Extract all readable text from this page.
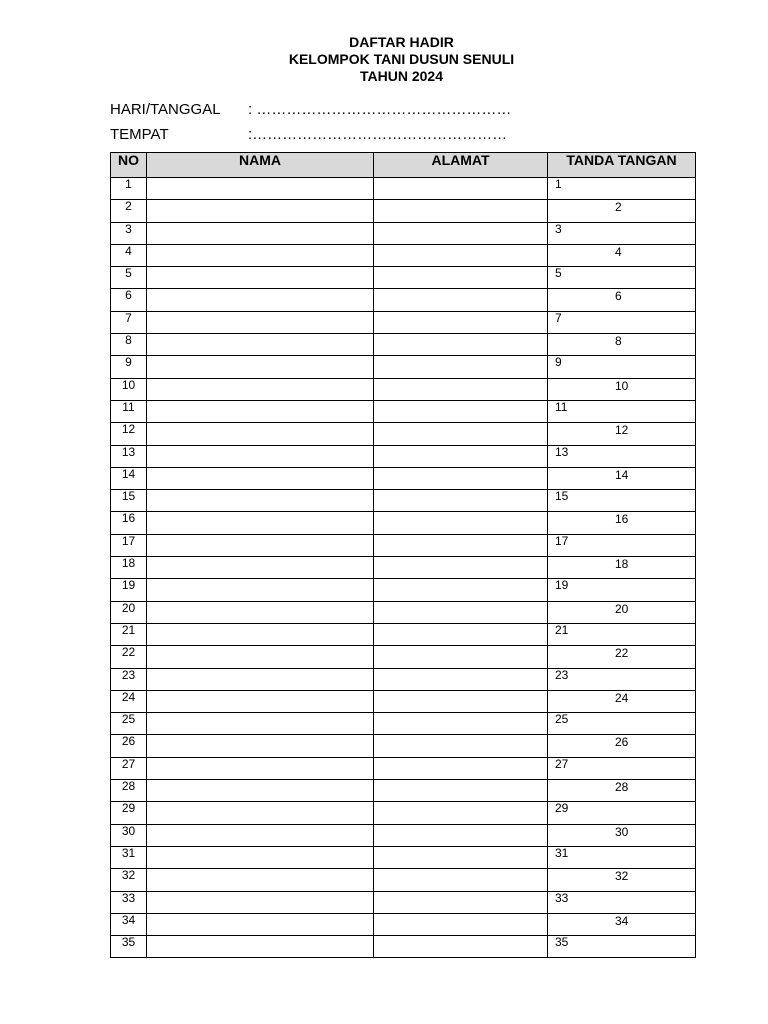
DAFTAR HADIR
KELOMPOK TANI DUSUN SENULI
TAHUN 2024
HARI/TANGGAL : ……………………………………………
TEMPAT	:……………………………………………
NO	NAMA	ALAMAT	TANDA TANGAN
1			1

2			2

3			3

4			4

5			5

6			6

7			7

8			8

9			9

10			10

11			11

12			12

13			13

14			14

15			15

16			16

17			17

18			18

19			19

20			20

21			21

22			22

23			23

24			24

25			25

26			26

27			27

28			28

29			29

30			30

31			31

32			32

33			33

34			34

35			35
